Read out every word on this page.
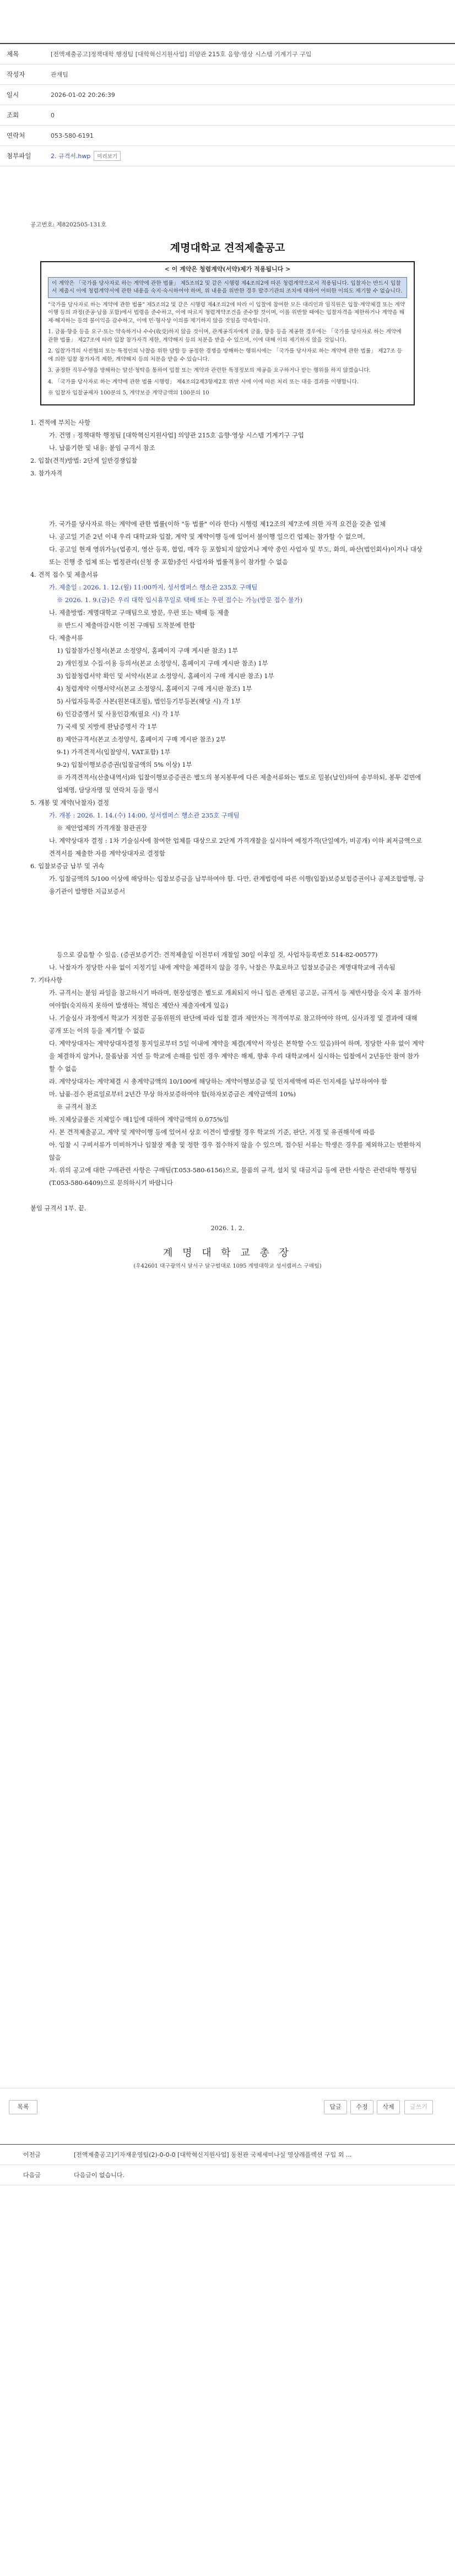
제목	[전액제출공고]정책대학 행정팀 [대학혁신지원사업] 의양관 215호 음향·영상 시스템 기계기구 구입
작성자	관재팀
일시	2026-01-02 20:26:39
조회	0
연락처	053-580-6191
첨부파일	2. 규격서.hwp 미리보기
공고번호: 제8202505-131호
계명대학교 견적제출공고
< 이 계약은 청렴계약(서약)제가 적용됩니다 >
이 계약은 「국가를 당사자로 하는 계약에 관한 법률」 제5조의2 및 같은 시행령 제4조의2에 따른 청렴계약으로서 적용됩니다. 입찰자는 반드시 입찰서 제출시 이에 청렴계약서에 관한 내용을 숙지·숙시하여야 하며, 위 내용을 위반한 경우 발주기관의 조치에 대하여 어떠한 이의도 제기할 수 없습니다.

"국가를 당사자로 하는 계약에 관한 법률" 제5조의2 및 같은 시행령 제4조의2에 따라 이 입찰에 참여한 모든 대리인과 임직원은 입찰·계약체결 또는 계약이행 등의 과정(준공·납품 포함)에서 법령을 준수하고, 이에 따르지 청렴계약조건을 준수할 것이며, 이를 위반할 때에는 입찰자격을 제한하거나 계약을 해제·해지하는 등의 불이익을 감수하고, 이에 민·형사상 이의를 제기하지 않을 것임을 약속합니다.

1. 금품·향응 등을 요구·또는 약속하거나 수수(收受)하지 않을 것이며, 관계공직자에게 금품, 향응 등을 제공한 경우에는 「국가를 당사자로 하는 계약에 관한 법률」 제27조에 따라 입찰 참가자격 제한, 계약해지 등의 처분을 받을 수 있으며, 이에 대해 이의 제기하지 않을 것입니다.

2. 입찰가격의 사전협의 또는 특정인의 낙찰을 위한 담합 등 공정한 경쟁을 방해하는 행위시에는 「국가를 당사자로 하는 계약에 관한 법률」 제27조 등에 의한 입찰 참가자격 제한, 계약해지 등의 처분을 받을 수 있습니다.

3. 공정한 직무수행을 방해하는 알선·청탁을 통하여 입찰 또는 계약과 관련한 특정정보의 제공을 요구하거나 받는 행위를 하지 않겠습니다.

4. 「국가를 당사자로 하는 계약에 관한 법률 시행령」 제4조의2제3항제2호 위반 시에 이에 따른 처리 또는 대응 결과를 이행합니다.

※ 입찰자 입찰공제자 100분의 5, 계약보증 계약금액의 100분의 10

1. 견적에 부치는 사항

가. 건명 : 정책대학 행정팀 [대학혁신지원사업] 의양관 215호 음향·영상 시스템 기계기구 구입

나. 납품기한 및 내용: 붙임 규격서 참조

2. 입찰(견적)방법: 2단계 일반경쟁입찰

3. 참가자격

가. 국가를 당사자로 하는 계약에 관한 법률(이하 "동 법률" 이라 한다) 시행령 제12조의 제7조에 의한 자격 요건을 갖춘 업체

나. 공고일 기준 2년 이내 우리 대학교와 입찰, 계약 및 계약이행 등에 있어서 불이행 일으킨 업체는 참가할 수 없으며,

다. 공고일 현재 영위가능(업종지, 영산 등록, 협업, 매각 등 포함되지 않았거나 계약 중인 사업자 및 부도, 화의, 파산(법인회사)이거나 대상 또는 진행 중 업체 또는 법정관리(신청 중 포함)중인 사업자와 법률적용이 참가할 수 없음

4. 견적 접수 및 제출서류

가. 제출일 : 2026. 1. 12.(월) 11:00까지, 성서캠퍼스 행소관 235호 구매팀

※ 2026. 1. 9.(금)은 우리 대학 입시휴무일로 택배 또는 우편 접수는 가능(방문 접수 불가)

나. 제출방법: 계명대학교 구매팀으로 방문, 우편 또는 택배 등 제출

※ 반드시 제출마감시한 이전 구매팀 도착분에 한함

다. 제출서류

1) 입찰참가신청서(본교 소정양식, 홈페이지 구매 게시판 참조) 1부

2) 개인정보 수집·이용 등의서(본교 소정양식, 홈페이지 구매 게시판 참조) 1부

3) 입찰청렴서약 확인 및 서약서(본교 소정양식, 홈페이지 구매 게시판 참조) 1부

4) 청렴계약 이행서약서(본교 소정양식, 홈페이지 구매 게시판 참조) 1부

5) 사업자등록증 사본(원본대조필), 법인등기부등본(해당 시) 각 1부

6) 인감증명서 및 사용인감계(필요 시) 각 1부

7) 국세 및 지방세 완납증명서 각 1부

8) 제안규격서(본교 소정양식, 홈페이지 구매 게시판 참조) 2부

9-1) 가격견적서(입찰양식, VAT포함) 1부

9-2) 입찰이행보증증권(입찰금액의 5% 이상) 1부

※ 가격견적서(산출내역서)와 입찰이행보증증권은 별도의 봉지봉투에 다른 제출서류와는 별도로 밀봉(날인)하여 송부하되, 봉투 겉면에 업체명, 담당자명 및 연락처 등을 명시

5. 개봉 및 계약(낙찰자) 결정

가. 개봉 : 2026. 1. 14.(수) 14:00, 성서캠퍼스 행소관 235호 구매팀

※ 제안업체의 가격개찰 참관권장

나. 계약상대자 결정 : 1차 기술심사에 참여한 업체를 대상으로 2단계 가격개찰을 실시하여 예정가격(단일예가, 비공개) 이하 최저금액으로 견적서를 제출한 자를 계약상대자로 결정함

6. 입찰보증금 납부 및 귀속

가. 입찰금액의 5/100 이상에 해당하는 입찰보증금을 납부하여야 함. 다만, 관계법령에 따른 이행(입찰)보증보험증권이나 공제조합발행, 금융기관이 발행한 지급보증서

등으로 갈음할 수 있음. (증권보증기간: 견적제출일 이전부터 개찰일 30일 이후일 것, 사업자등록번호 514-82-00577)

나. 낙찰자가 정당한 사유 없이 지정기일 내에 계약을 체결하지 않을 경우, 낙찰은 무효로하고 입찰보증금은 계명대학교에 귀속됨

7. 기타사항

가. 규격서는 붙임 파일을 참고하시기 바라며, 현장설명은 별도로 개최되지 아니 입은 관계된 공고문, 규격서 등 제반사항을 숙지 후 참가하여야함(숙지하지 못하여 발생하는 책임은 제안사 제출자에게 있음)

나. 기술심사 과정에서 학교가 지정한 공동위원의 판단에 따라 입찰 결과 제안자는 적격여부로 참고하여야 하며, 심사과정 및 결과에 대해 공개 또는 이의 등을 제기할 수 없음

다. 계약상대자는 계약상대자결정 통지일로부터 5일 이내에 계약을 체결(계약서 작성은 본학할 수도 있음)하여 하며, 정당한 사유 없이 계약을 체결하지 않거나, 물품남품 지연 등 학교에 손해를 입힌 경우 계약은 해제, 향후 우리 대학교에서 실시하는 입찰에서 2년동안 참여 참가할 수 없음

라. 계약상대자는 계약체결 시 총계약금액의 10/100에 해당하는 계약이행보증금 및 인지세액에 따른 인지세를 납부하여야 함

마. 납품·검수 완료일로부터 2년간 무상 하자보증하여야 함(하자보증금은 계약금액의 10%)

※ 규격서 참조

바. 지체상금률은 지체일수 매1일에 대하여 계약금액의 0.075%임

사. 본 견적제출공고, 계약 및 계약이행 등에 있어서 상호 이견이 발생할 경우 학교의 기준, 판단, 지정 및 유권해석에 따름

아. 입찰 시 구비서류가 미비하거나 입찰장 제출 및 정한 경우 접수하지 않을 수 있으며, 접수된 서류는 학생은 경우를 제외하고는 반환하지 않음

자. 위의 공고에 대한 구매관련 사항은 구매팀(T.053-580-6156)으로, 물품의 규격, 설치 및 대금지급 등에 관한 사항은 관련대학 행정팀(T.053-580-6409)으로 문의하시기 바랍니다

붙임 규격서 1부. 끝.

2026. 1. 2.
계 명 대 학 교 총 장
(우42601 대구광역시 달서구 달구벌대로 1095 계명대학교 성서캠퍼스 구매팀)
목록	답글	수정	삭제	글쓰기
이전글	[전액제출공고]기자재운영팀(2)-0-0-0 [대학혁신지원사업] 동천관 국제세미나실 영상레플렉션 구입 외 ...
다음글	다음글이 없습니다.
